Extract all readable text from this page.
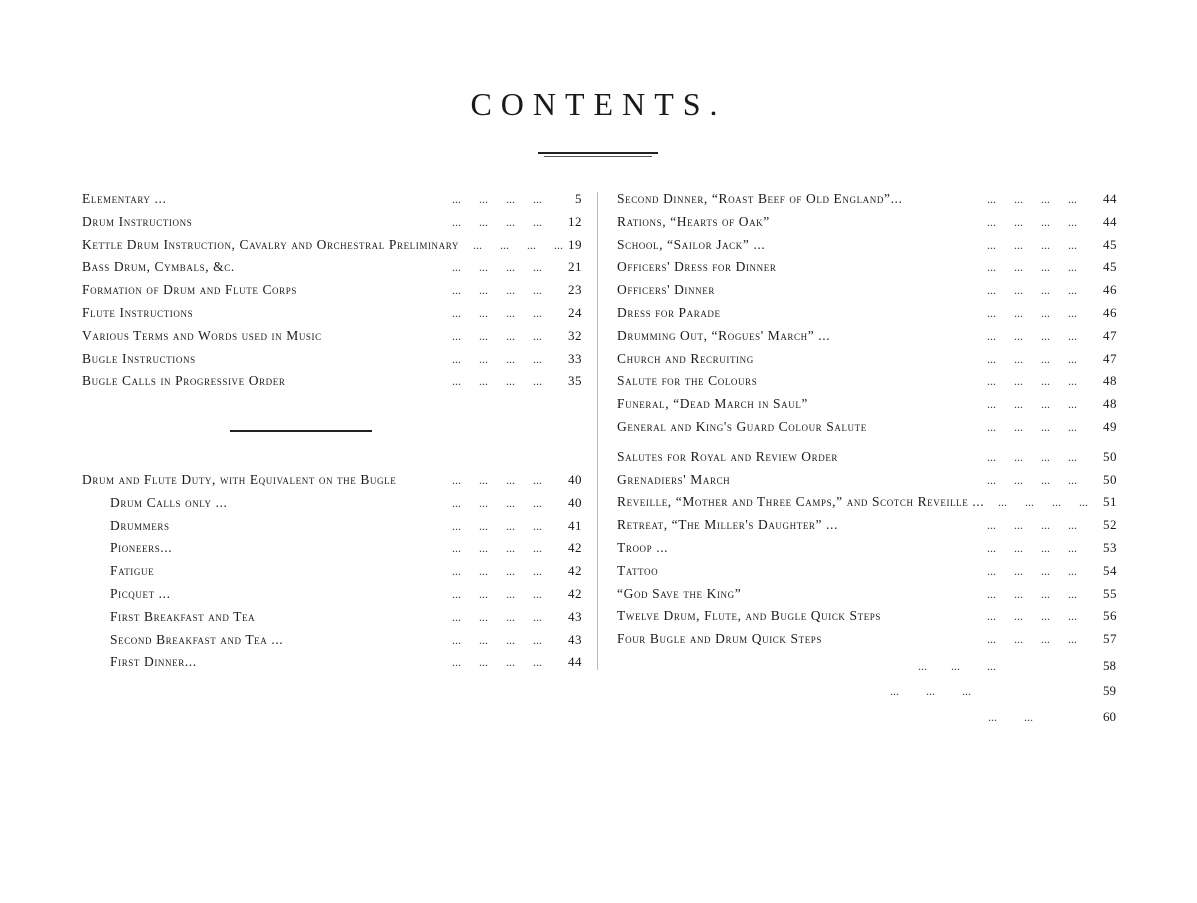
CONTENTS.
Elementary ...	...      ...      ...      ...	5
Drum Instructions	...      ...      ...      ...	12
Kettle Drum Instruction, Cavalry and Orchestral Preliminary ...      ...      ...      ... 19
Bass Drum, Cymbals, &c.	...      ...      ...      ...	21
Formation of Drum and Flute Corps	...      ...      ...      ...	23
Flute Instructions	...      ...      ...      ...	24
Various Terms and Words used in Music	...      ...      ...      ...	32
Bugle Instructions	...      ...      ...      ...	33
Bugle Calls in Progressive Order	...      ...      ...      ...	35
Drum and Flute Duty, with Equivalent on the Bugle	...      ...      ...      ...	40
Drum Calls only ...	...      ...      ...      ...	40
Drummers	...      ...      ...      ...	41
Pioneers...	...      ...      ...      ...	42
Fatigue	...      ...      ...      ...	42
Picquet ...	...      ...      ...      ...	42
First Breakfast and Tea	...      ...      ...      ...	43
Second Breakfast and Tea ...	...      ...      ...      ...	43
First Dinner...	...      ...      ...      ...	44
Second Dinner, “Roast Beef of Old England”...	...      ...      ...      ...	44
Rations, “Hearts of Oak”	...      ...      ...      ...	44
School, “Sailor Jack” ...	...      ...      ...      ...	45
Officers' Dress for Dinner	...      ...      ...      ...	45
Officers' Dinner	...      ...      ...      ...	46
Dress for Parade	...      ...      ...      ...	46
Drumming Out, “Rogues' March” ...	...      ...      ...      ...	47
Church and Recruiting	...      ...      ...      ...	47
Salute for the Colours	...      ...      ...      ...	48
Funeral, “Dead March in Saul”	...      ...      ...      ...	48
General and King's Guard Colour Salute	...      ...      ...      ...	49
Salutes for Royal and Review Order	...      ...      ...      ...	50
Grenadiers' March	...      ...      ...      ...	50
Reveille, “Mother and Three Camps,” and Scotch Reveille ... ...      ...      ...      ...	51
Retreat, “The Miller's Daughter” ...	...      ...      ...      ...	52
Troop ...	...      ...      ...      ...	53
Tattoo	...      ...      ...      ...	54
“God Save the King”	...      ...      ...      ...	55
Twelve Drum, Flute, and Bugle Quick Steps	...      ...      ...      ...	56
Four Bugle and Drum Quick Steps	...      ...      ...      ...	57
...        ...         ...	58
...         ...         ...	59
...         ...	60
